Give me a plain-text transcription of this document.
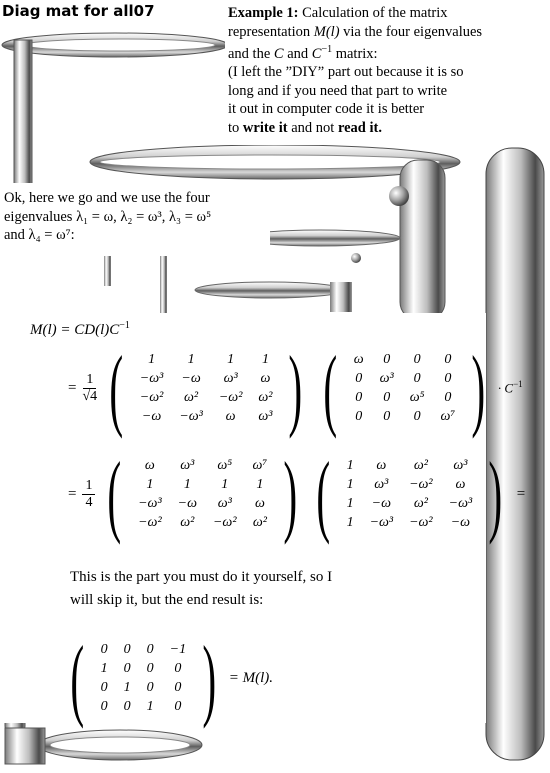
Diag mat for all07	Example 1: Calculation of the matrix
representation M(l) via the four eigenvalues
and the C and $C^{-1}$ matrix:
(I left the ”DIY” part out because it is so
long and if you need that part to write
it out in computer code it is better
to write it and not read it.
Ok, here we go and we use the four
eigenvalues λ₁ = ω, λ₂ = ω³, λ₃ = ω⁵
and λ₄ = ω⁷:
$M(l) = CD(l)C^{-1}$
= $\frac{1}{√4}$ ( 1	1	1	1
−ω³	−ω	ω³	ω
−ω²	ω²	−ω²	ω²
−ω	−ω³	ω	ω³ ) ( ω	0	0	0
0	ω³	0	0
0	0	ω⁵	0
0	0	0	ω⁷ ) · $C^{-1}$
= $\frac{1}{4}$ ( ω	ω³	ω⁵	ω⁷
1	1	1	1
−ω³	−ω	ω³	ω
−ω²	ω²	−ω²	ω² ) ( 1	ω	ω²	ω³
1	ω³	−ω²	ω
1	−ω	ω²	−ω³
1	−ω³	−ω²	−ω ) =
This is the part you must do it yourself, so I
will skip it, but the end result is:
( 0	0	0	−1
1	0	0	0
0	1	0	0
0	0	1	0 ) = M(l).
